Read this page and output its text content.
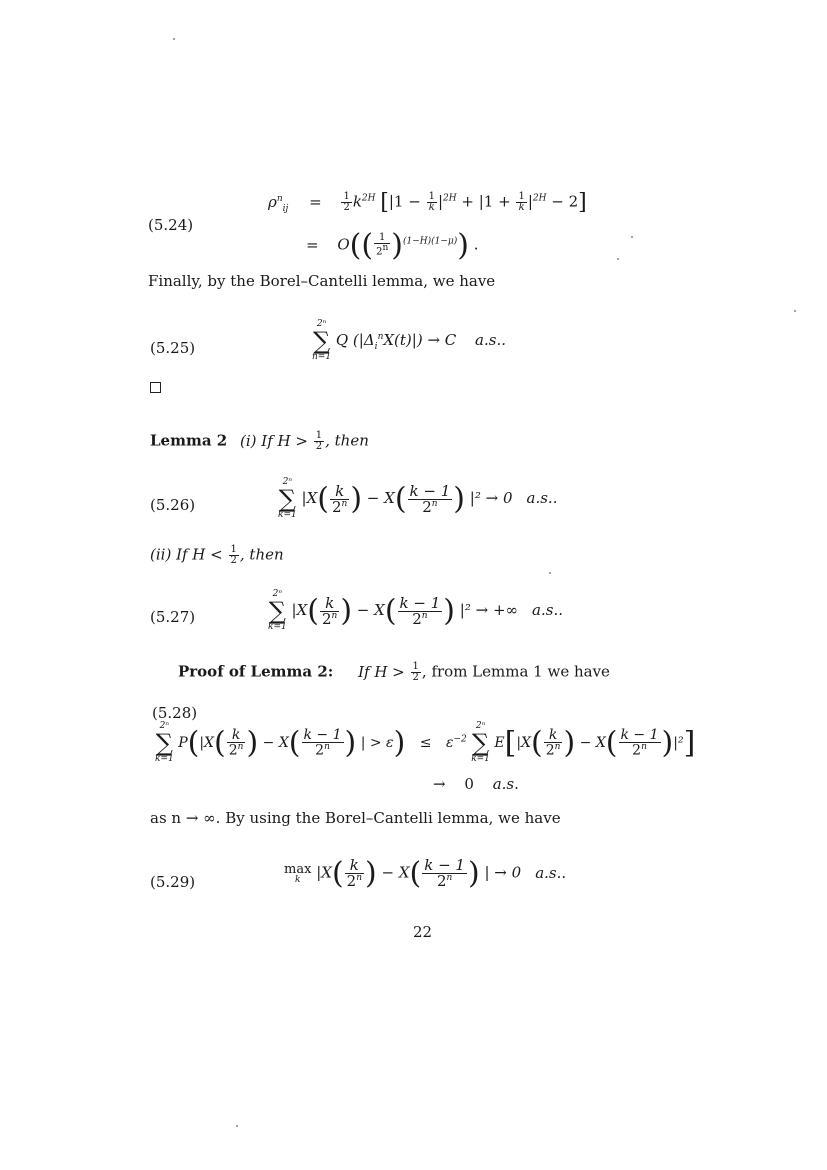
(5.24)
$\rho^n_{ij} = \frac{1}{2} k^{2H}$ $[|1 - \frac{1}{k} |^{2H} + |1 + \frac{1}{k} |^{2H} - 2]$
= $O(( \frac{1}{2^n} )^{(1-H)(1-\mu)})$ .
Finally, by the Borel–Cantelli lemma, we have
(5.25)
2ⁿ
∑
n=1
Q $(|\Delta_i^nX(t)|) \to C$ a.s..
Lemma 2 (i) If $H > \frac{1}{2}$ , then
(5.26)
2ⁿ
∑
k=1
$|X( \frac{k}{2^n}$ ) − $X( \frac{k - 1}{2^n}$ ) |² → 0 a.s..
(ii) If $H < \frac{1}{2}$ , then
(5.27)
2ⁿ
∑
k=1
$|X( \frac{k}{2^n}$ ) − $X( \frac{k - 1}{2^n}$ ) |² → +∞ a.s..
Proof of Lemma 2: If $H > \frac{1}{2}$ , from Lemma 1 we have
(5.28)
2ⁿ
∑
k=1
$P(|X( \frac{k}{2^n}$ ) − $X( \frac{k - 1}{2^n}$ ) | > $\varepsilon) \le \varepsilon^{-2}$
2ⁿ
∑
k=1
$E[|X( \frac{k}{2^n}$ ) − $X( \frac{k - 1}{2^n} )|^2$]
→ 0 a.s.
as n → ∞. By using the Borel–Cantelli lemma, we have
(5.29)
max
k $|X( \frac{k}{2^n}$ ) − $X( \frac{k - 1}{2^n}$ ) | → 0 a.s..
22
